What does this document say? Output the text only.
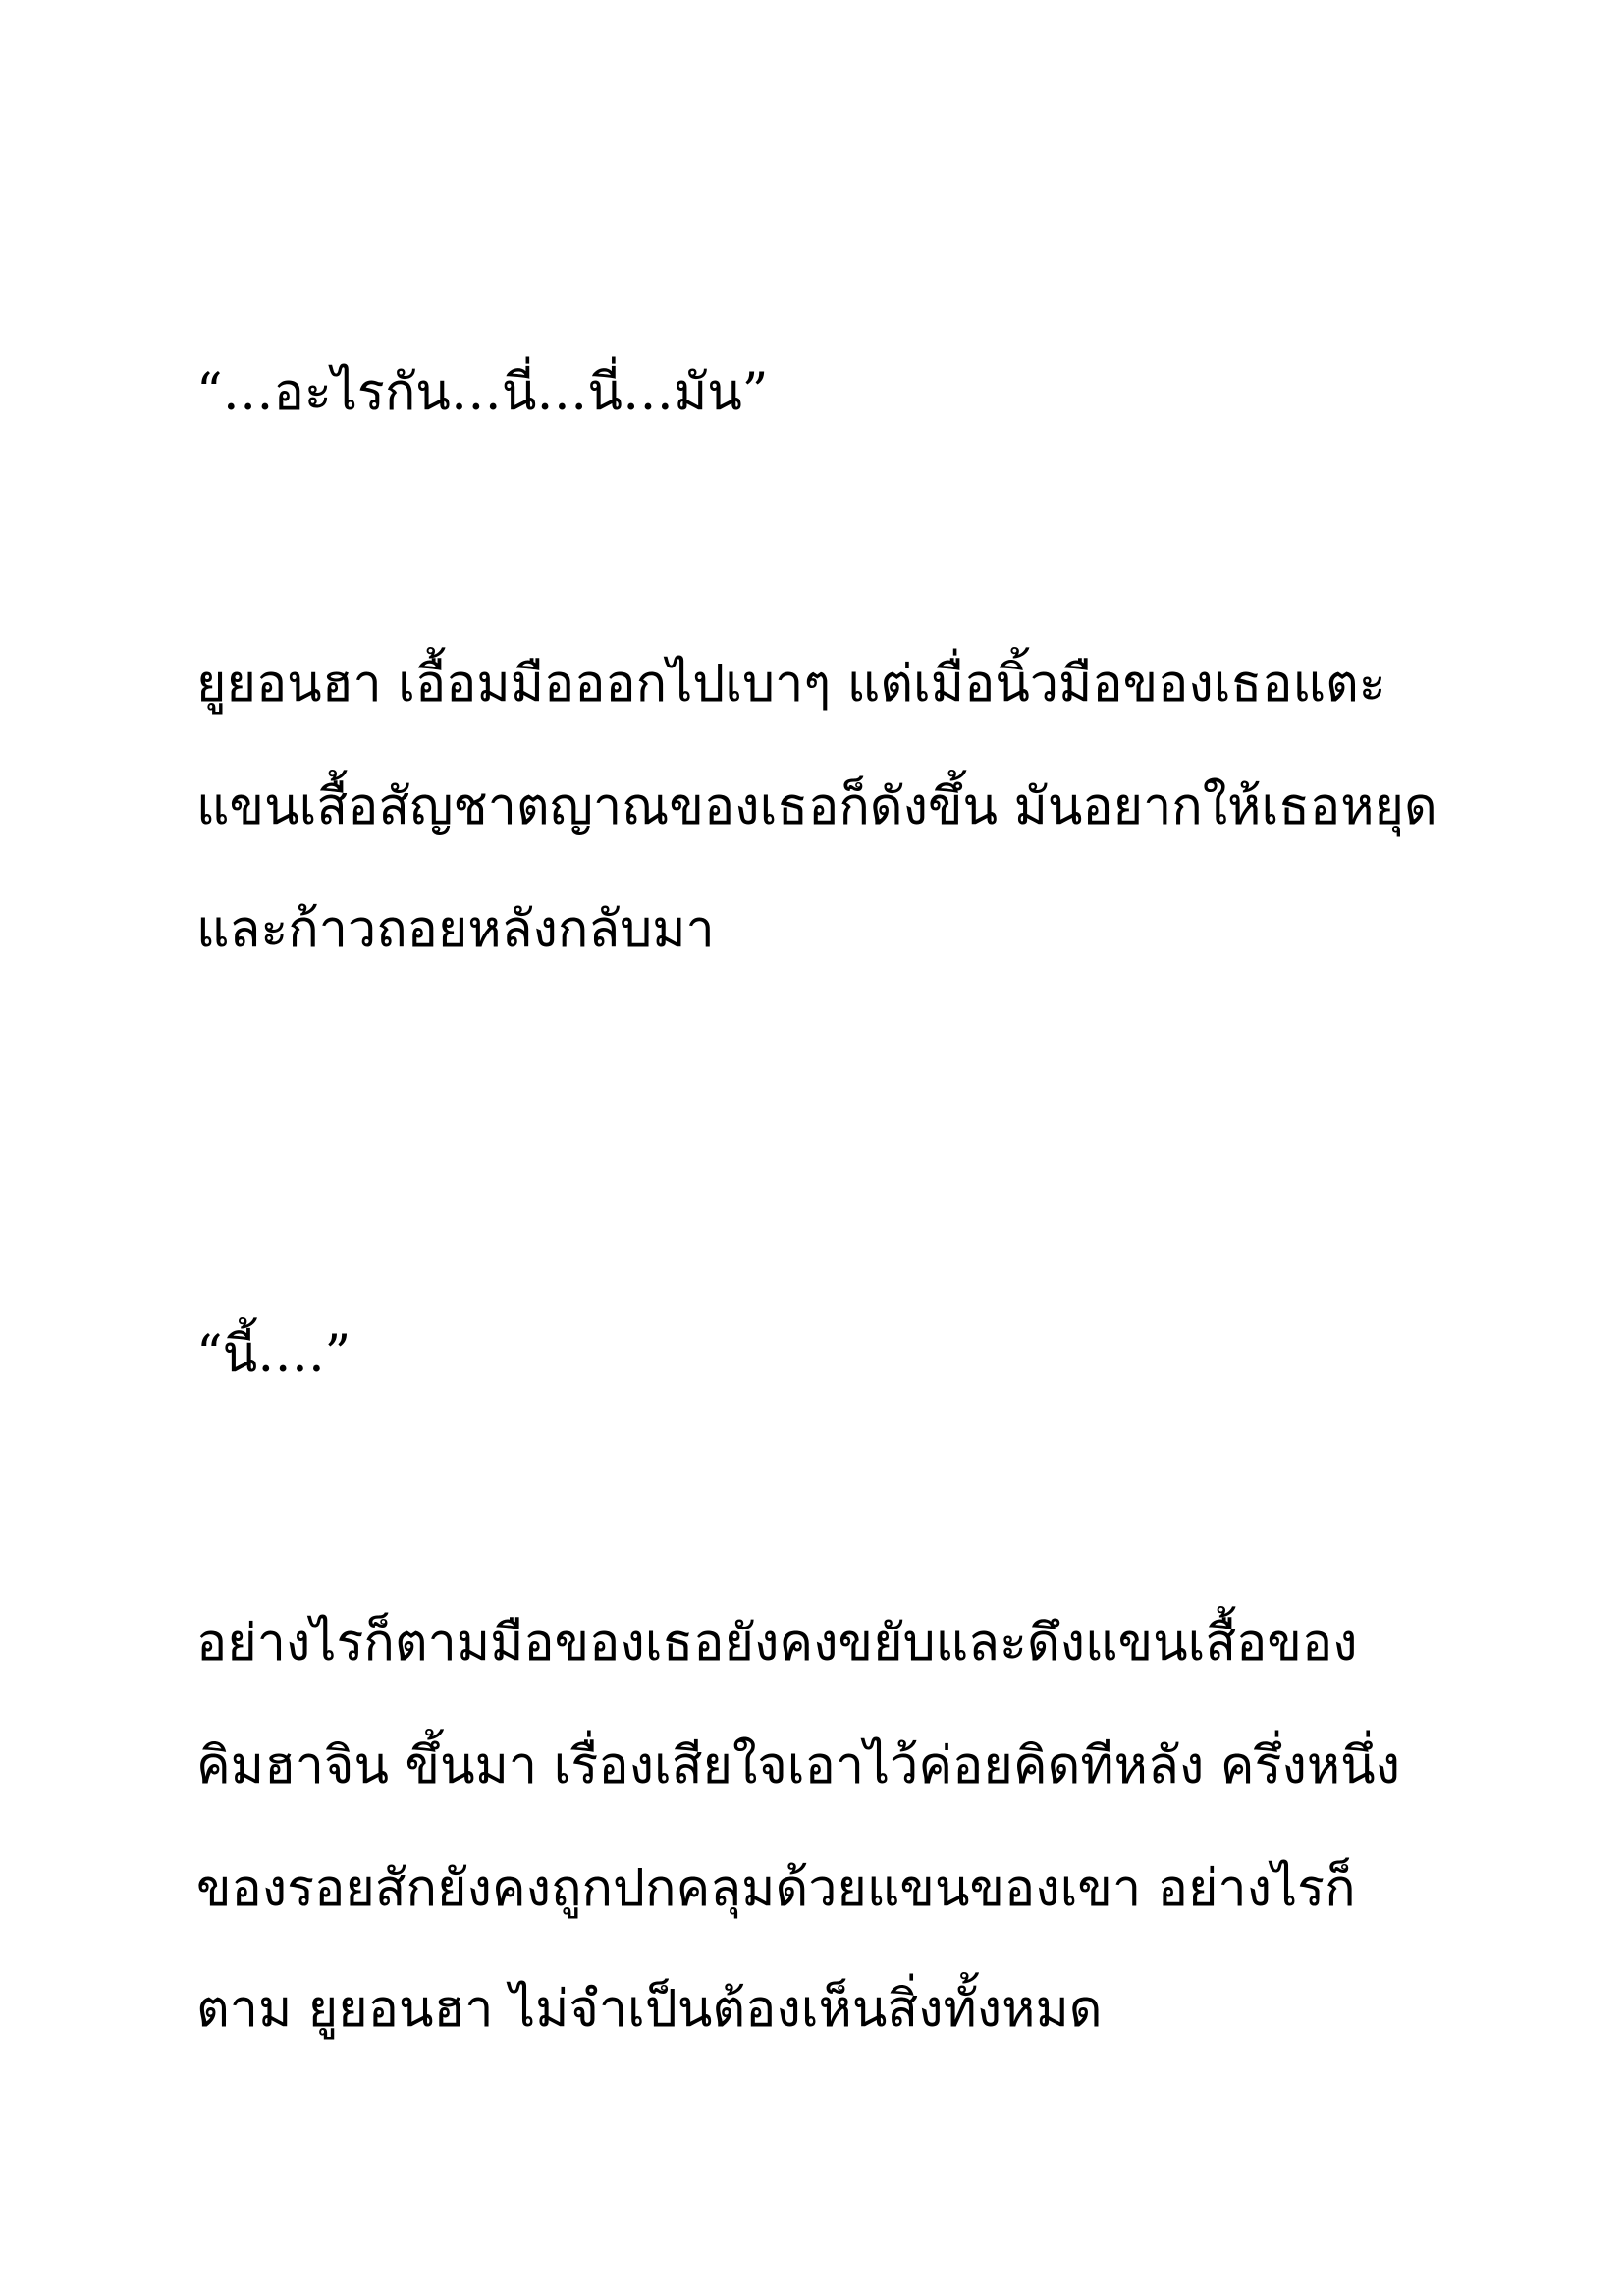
“…อะไรกัน…นี่…นี่…มัน”

ยูยอนฮา เอื้อมมือออกไปเบาๆ แต่เมื่อนิ้วมือของเธอแตะ

แขนเสื้อสัญชาตญาณของเธอก็ดังขึ้น มันอยากให้เธอหยุด

และก้าวถอยหลังกลับมา

“นี้….”

อย่างไรก็ตามมือของเธอยังคงขยับและดึงแขนเสื้อของ

คิมฮาจิน ขึ้นมา เรื่องเสียใจเอาไว้ค่อยคิดทีหลัง ครึ่งหนึ่ง

ของรอยสักยังคงถูกปกคลุมด้วยแขนของเขา อย่างไรก็

ตาม ยูยอนฮา ไม่จำเป็นต้องเห็นสิ่งทั้งหมด
